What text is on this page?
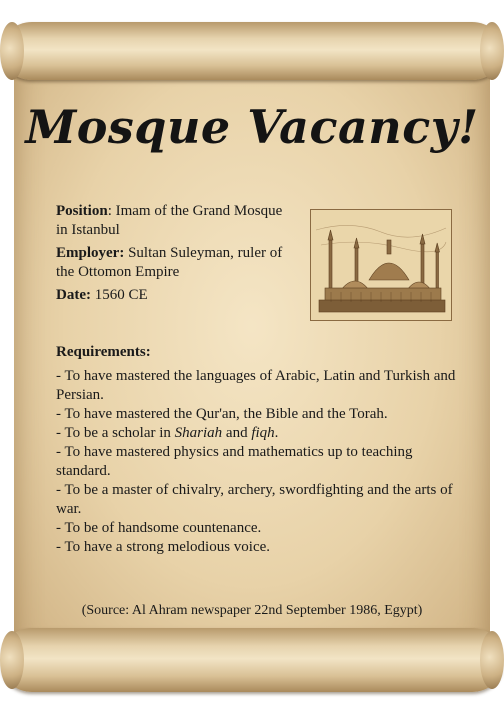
Mosque Vacancy!

Position: Imam of the Grand Mosque in Istanbul

Employer: Sultan Suleyman, ruler of the Ottomon Empire

Date: 1560 CE

Requirements:

- To have mastered the languages of Arabic, Latin and Turkish and Persian.
- To have mastered the Qur'an, the Bible and the Torah.
- To be a scholar in Shariah and fiqh.
- To have mastered physics and mathematics up to teaching standard.
- To be a master of chivalry, archery, swordfighting and the arts of war.
- To be of handsome countenance.
- To have a strong melodious voice.

(Source: Al Ahram newspaper 22nd September 1986, Egypt)
